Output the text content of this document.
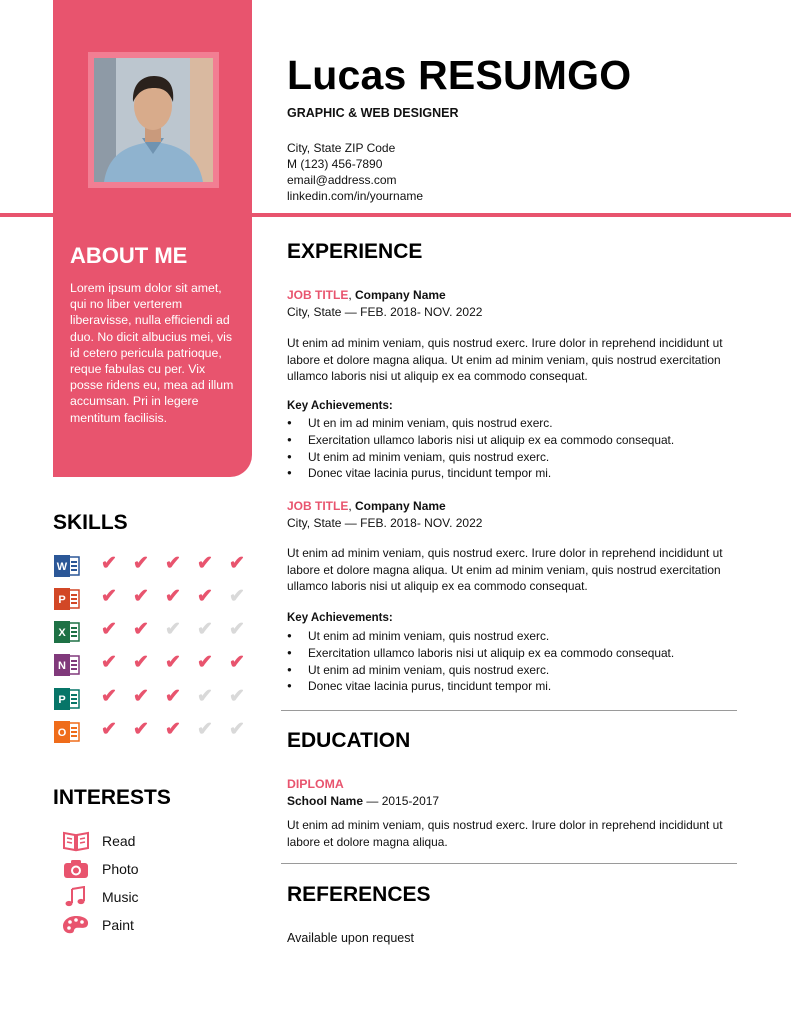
Lucas RESUMGO
GRAPHIC & WEB DESIGNER
City, State ZIP Code
M (123) 456-7890
email@address.com
linkedin.com/in/yourname
ABOUT ME
Lorem ipsum dolor sit amet, qui no liber verterem liberavisse, nulla efficiendi ad duo. No dicit albucius mei, vis id cetero pericula patrioque, reque fabulas cu per. Vix posse ridens eu, mea ad illum accumsan. Pri in legere mentitum facilisis.
SKILLS
W ✔ ✔ ✔ ✔ ✔
P ✔ ✔ ✔ ✔ ✔
X ✔ ✔ ✔ ✔ ✔
N ✔ ✔ ✔ ✔ ✔
P ✔ ✔ ✔ ✔ ✔
O ✔ ✔ ✔ ✔ ✔
INTERESTS
Read
Photo
Music
Paint
EXPERIENCE
JOB TITLE, Company Name
City, State — FEB. 2018- NOV. 2022
Ut enim ad minim veniam, quis nostrud exerc. Irure dolor in reprehend incididunt ut labore et dolore magna aliqua. Ut enim ad minim veniam, quis nostrud exercitation ullamco laboris nisi ut aliquip ex ea commodo consequat.
Key Achievements:
● Ut en im ad minim veniam, quis nostrud exerc.
● Exercitation ullamco laboris nisi ut aliquip ex ea commodo consequat.
● Ut enim ad minim veniam, quis nostrud exerc.
● Donec vitae lacinia purus, tincidunt tempor mi.
JOB TITLE, Company Name
City, State — FEB. 2018- NOV. 2022
Ut enim ad minim veniam, quis nostrud exerc. Irure dolor in reprehend incididunt ut labore et dolore magna aliqua. Ut enim ad minim veniam, quis nostrud exercitation ullamco laboris nisi ut aliquip ex ea commodo consequat.
Key Achievements:
● Ut enim ad minim veniam, quis nostrud exerc.
● Exercitation ullamco laboris nisi ut aliquip ex ea commodo consequat.
● Ut enim ad minim veniam, quis nostrud exerc.
● Donec vitae lacinia purus, tincidunt tempor mi.
EDUCATION
DIPLOMA
School Name — 2015-2017
Ut enim ad minim veniam, quis nostrud exerc. Irure dolor in reprehend incididunt ut labore et dolore magna aliqua.
REFERENCES
Available upon request
